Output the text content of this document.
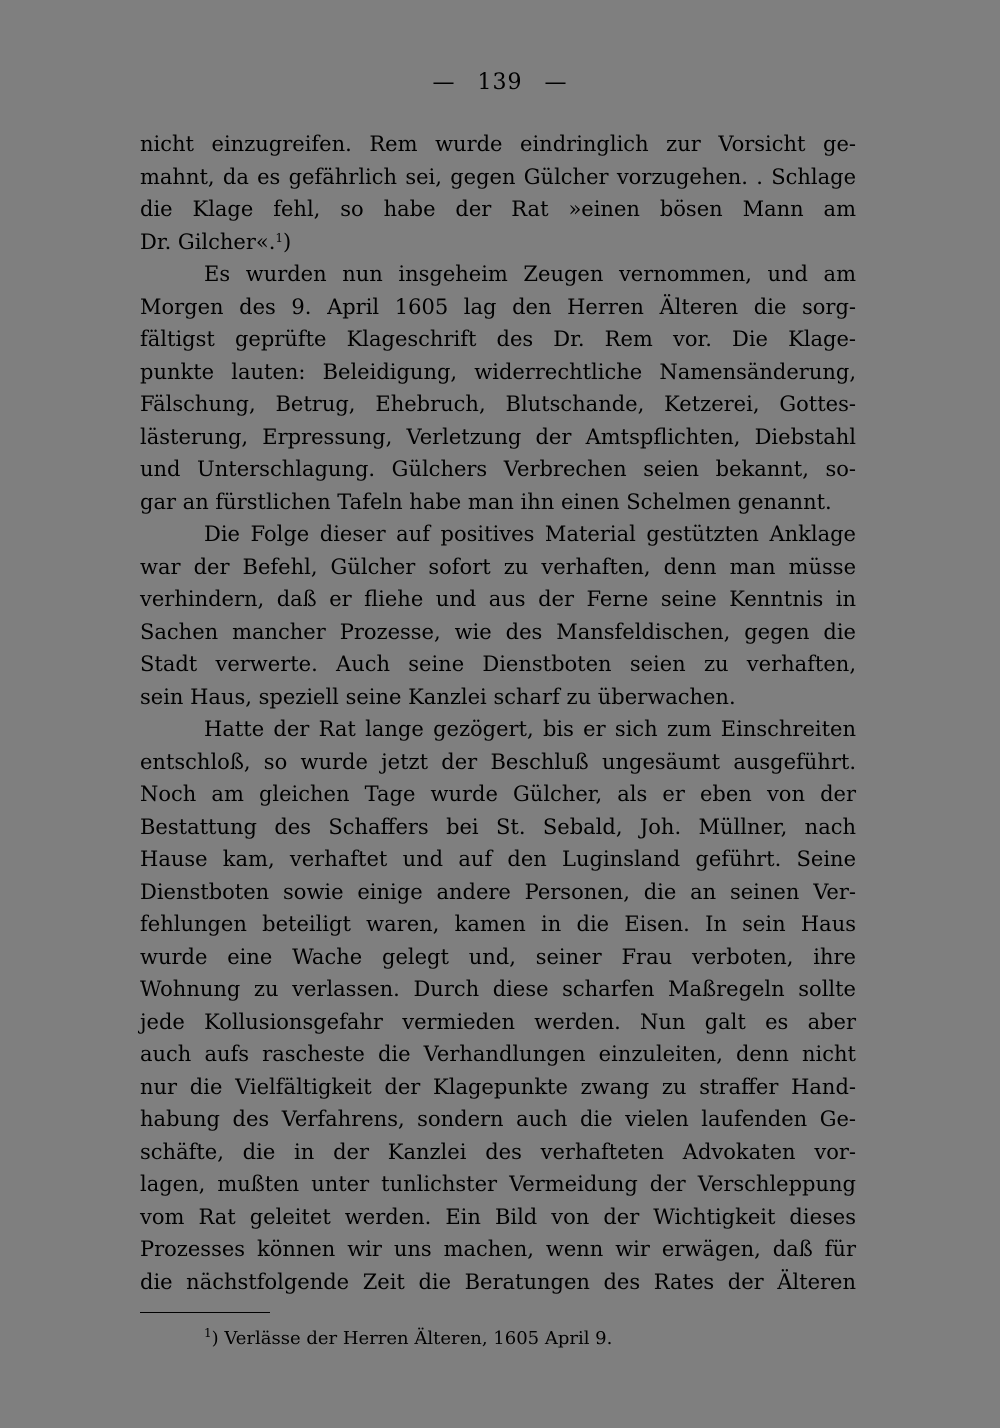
— 139 —
nicht einzugreifen. Rem wurde eindringlich zur Vorsicht ge-
mahnt, da es gefährlich sei, gegen Gülcher vorzugehen. . Schlage
die Klage fehl, so habe der Rat »einen bösen Mann am
Dr. Gilcher«.$^1$)
Es wurden nun insgeheim Zeugen vernommen, und am
Morgen des 9. April 1605 lag den Herren Älteren die sorg-
fältigst geprüfte Klageschrift des Dr. Rem vor. Die Klage-
punkte lauten: Beleidigung, widerrechtliche Namensänderung,
Fälschung, Betrug, Ehebruch, Blutschande, Ketzerei, Gottes-
lästerung, Erpressung, Verletzung der Amtspflichten, Diebstahl
und Unterschlagung. Gülchers Verbrechen seien bekannt, so-
gar an fürstlichen Tafeln habe man ihn einen Schelmen genannt.
Die Folge dieser auf positives Material gestützten Anklage
war der Befehl, Gülcher sofort zu verhaften, denn man müsse
verhindern, daß er fliehe und aus der Ferne seine Kenntnis in
Sachen mancher Prozesse, wie des Mansfeldischen, gegen die
Stadt verwerte. Auch seine Dienstboten seien zu verhaften,
sein Haus, speziell seine Kanzlei scharf zu überwachen.
Hatte der Rat lange gezögert, bis er sich zum Einschreiten
entschloß, so wurde jetzt der Beschluß ungesäumt ausgeführt.
Noch am gleichen Tage wurde Gülcher, als er eben von der
Bestattung des Schaffers bei St. Sebald, Joh. Müllner, nach
Hause kam, verhaftet und auf den Luginsland geführt. Seine
Dienstboten sowie einige andere Personen, die an seinen Ver-
fehlungen beteiligt waren, kamen in die Eisen. In sein Haus
wurde eine Wache gelegt und, seiner Frau verboten, ihre
Wohnung zu verlassen. Durch diese scharfen Maßregeln sollte
jede Kollusionsgefahr vermieden werden. Nun galt es aber
auch aufs rascheste die Verhandlungen einzuleiten, denn nicht
nur die Vielfältigkeit der Klagepunkte zwang zu straffer Hand-
habung des Verfahrens, sondern auch die vielen laufenden Ge-
schäfte, die in der Kanzlei des verhafteten Advokaten vor-
lagen, mußten unter tunlichster Vermeidung der Verschleppung
vom Rat geleitet werden. Ein Bild von der Wichtigkeit dieses
Prozesses können wir uns machen, wenn wir erwägen, daß für
die nächstfolgende Zeit die Beratungen des Rates der Älteren
$^1$) Verlässe der Herren Älteren, 1605 April 9.
